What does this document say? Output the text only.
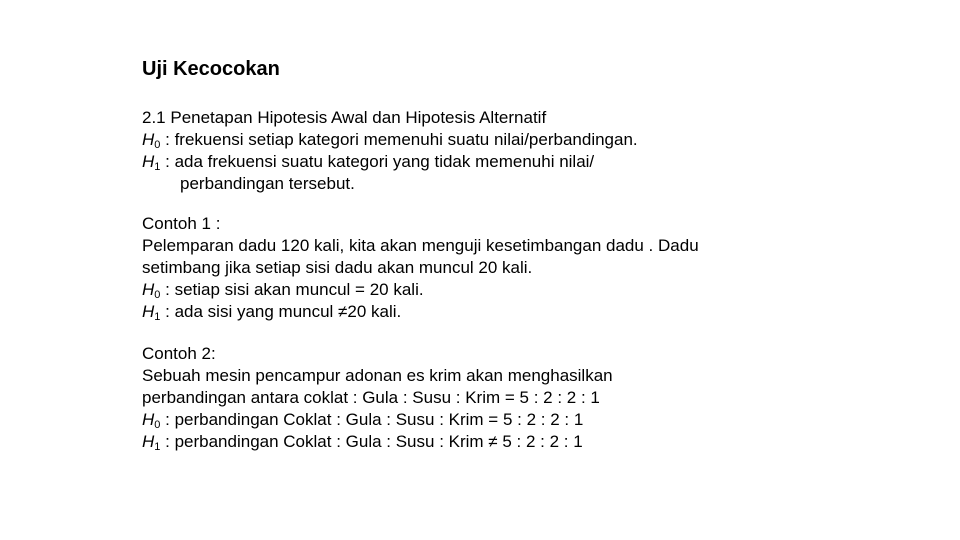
Uji Kecocokan
2.1 Penetapan Hipotesis Awal dan Hipotesis Alternatif
$H_0$ : frekuensi setiap kategori memenuhi suatu nilai/perbandingan.
$H_1$ : ada frekuensi suatu kategori yang tidak memenuhi nilai/
perbandingan tersebut.
Contoh 1 :
Pelemparan dadu 120 kali, kita akan menguji kesetimbangan dadu . Dadu
setimbang jika setiap sisi dadu akan muncul 20 kali.
$H_0$ : setiap sisi akan muncul = 20 kali.
$H_1$ : ada sisi yang muncul ≠20 kali.
Contoh 2:
Sebuah mesin pencampur adonan es krim akan menghasilkan
perbandingan antara coklat : Gula : Susu : Krim = 5 : 2 : 2 : 1
$H_0$ : perbandingan Coklat : Gula : Susu : Krim = 5 : 2 : 2 : 1
$H_1$ : perbandingan Coklat : Gula : Susu : Krim ≠ 5 : 2 : 2 : 1
